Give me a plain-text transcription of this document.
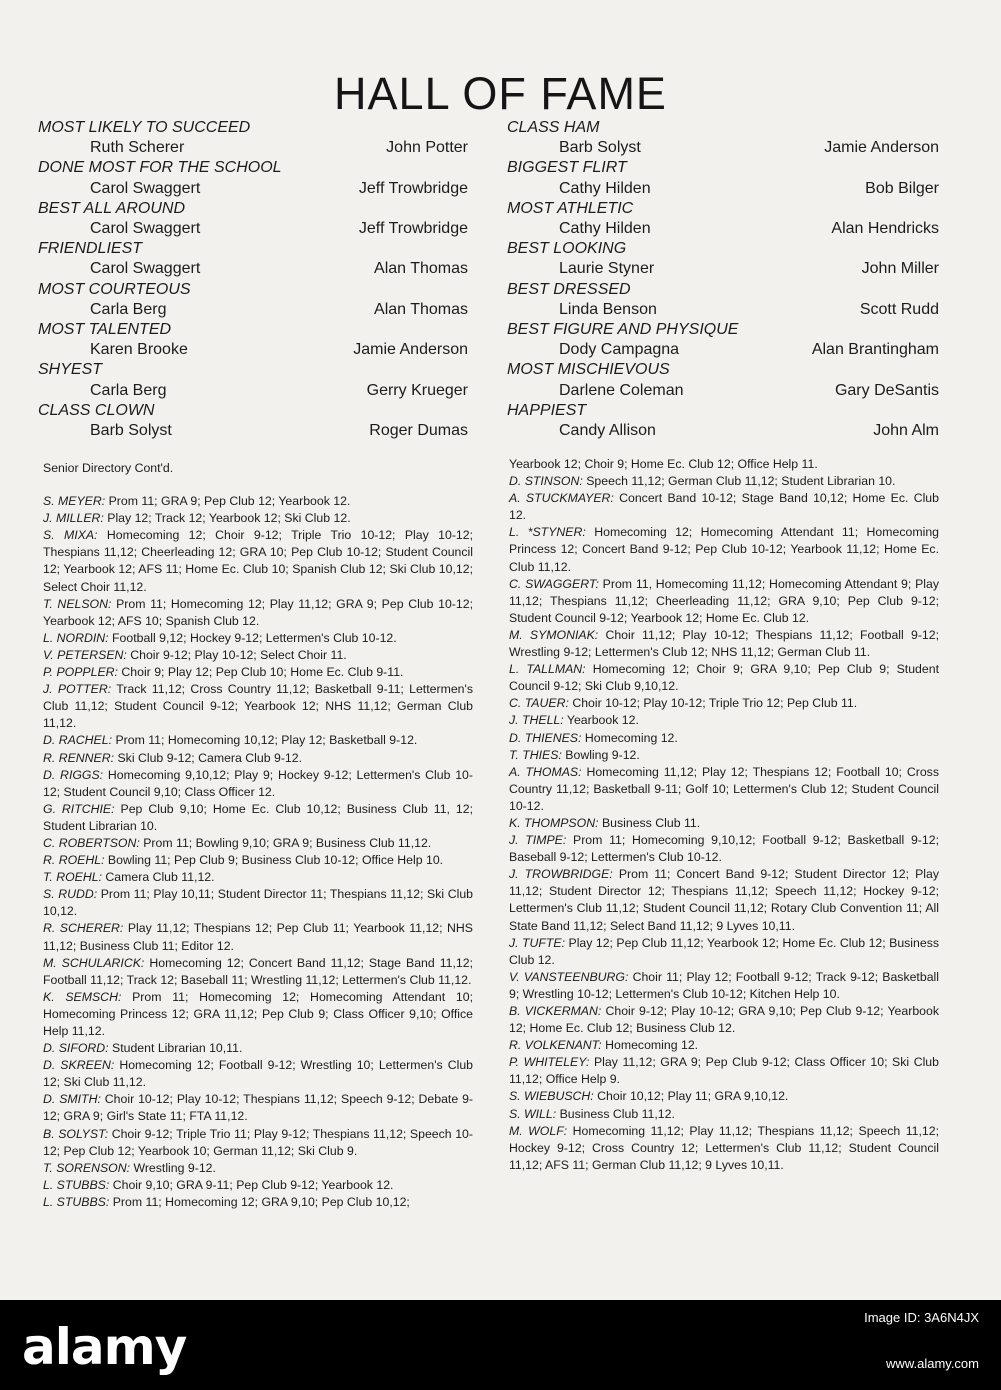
HALL OF FAME
MOST LIKELY TO SUCCEED
Ruth Scherer	John Potter
DONE MOST FOR THE SCHOOL
Carol Swaggert	Jeff Trowbridge
BEST ALL AROUND
Carol Swaggert	Jeff Trowbridge
FRIENDLIEST
Carol Swaggert	Alan Thomas
MOST COURTEOUS
Carla Berg	Alan Thomas
MOST TALENTED
Karen Brooke	Jamie Anderson
SHYEST
Carla Berg	Gerry Krueger
CLASS CLOWN
Barb Solyst	Roger Dumas
CLASS HAM
Barb Solyst	Jamie Anderson
BIGGEST FLIRT
Cathy Hilden	Bob Bilger
MOST ATHLETIC
Cathy Hilden	Alan Hendricks
BEST LOOKING
Laurie Styner	John Miller
BEST DRESSED
Linda Benson	Scott Rudd
BEST FIGURE AND PHYSIQUE
Dody Campagna	Alan Brantingham
MOST MISCHIEVOUS
Darlene Coleman	Gary DeSantis
HAPPIEST
Candy Allison	John Alm
Senior Directory Cont'd.
S. MEYER: Prom 11; GRA 9; Pep Club 12; Yearbook 12.
J. MILLER: Play 12; Track 12; Yearbook 12; Ski Club 12.
S. MIXA: Homecoming 12; Choir 9-12; Triple Trio 10-12; Play 10-12; Thespians 11,12; Cheerleading 12; GRA 10; Pep Club 10-12; Student Council 12; Yearbook 12; AFS 11; Home Ec. Club 10; Spanish Club 12; Ski Club 10,12; Select Choir 11,12.
T. NELSON: Prom 11; Homecoming 12; Play 11,12; GRA 9; Pep Club 10-12; Yearbook 12; AFS 10; Spanish Club 12.
L. NORDIN: Football 9,12; Hockey 9-12; Lettermen's Club 10-12.
V. PETERSEN: Choir 9-12; Play 10-12; Select Choir 11.
P. POPPLER: Choir 9; Play 12; Pep Club 10; Home Ec. Club 9-11.
J. POTTER: Track 11,12; Cross Country 11,12; Basketball 9-11; Lettermen's Club 11,12; Student Council 9-12; Yearbook 12; NHS 11,12; German Club 11,12.
D. RACHEL: Prom 11; Homecoming 10,12; Play 12; Basketball 9-12.
R. RENNER: Ski Club 9-12; Camera Club 9-12.
D. RIGGS: Homecoming 9,10,12; Play 9; Hockey 9-12; Lettermen's Club 10-12; Student Council 9,10; Class Officer 12.
G. RITCHIE: Pep Club 9,10; Home Ec. Club 10,12; Business Club 11, 12; Student Librarian 10.
C. ROBERTSON: Prom 11; Bowling 9,10; GRA 9; Business Club 11,12.
R. ROEHL: Bowling 11; Pep Club 9; Business Club 10-12; Office Help 10.
T. ROEHL: Camera Club 11,12.
S. RUDD: Prom 11; Play 10,11; Student Director 11; Thespians 11,12; Ski Club 10,12.
R. SCHERER: Play 11,12; Thespians 12; Pep Club 11; Yearbook 11,12; NHS 11,12; Business Club 11; Editor 12.
M. SCHULARICK: Homecoming 12; Concert Band 11,12; Stage Band 11,12; Football 11,12; Track 12; Baseball 11; Wrestling 11,12; Lettermen's Club 11,12.
K. SEMSCH: Prom 11; Homecoming 12; Homecoming Attendant 10; Homecoming Princess 12; GRA 11,12; Pep Club 9; Class Officer 9,10; Office Help 11,12.
D. SIFORD: Student Librarian 10,11.
D. SKREEN: Homecoming 12; Football 9-12; Wrestling 10; Lettermen's Club 12; Ski Club 11,12.
D. SMITH: Choir 10-12; Play 10-12; Thespians 11,12; Speech 9-12; Debate 9-12; GRA 9; Girl's State 11; FTA 11,12.
B. SOLYST: Choir 9-12; Triple Trio 11; Play 9-12; Thespians 11,12; Speech 10-12; Pep Club 12; Yearbook 10; German 11,12; Ski Club 9.
T. SORENSON: Wrestling 9-12.
L. STUBBS: Choir 9,10; GRA 9-11; Pep Club 9-12; Yearbook 12.
L. STUBBS: Prom 11; Homecoming 12; GRA 9,10; Pep Club 10,12;
Yearbook 12; Choir 9; Home Ec. Club 12; Office Help 11.
D. STINSON: Speech 11,12; German Club 11,12; Student Librarian 10.
A. STUCKMAYER: Concert Band 10-12; Stage Band 10,12; Home Ec. Club 12.
L. *STYNER: Homecoming 12; Homecoming Attendant 11; Homecoming Princess 12; Concert Band 9-12; Pep Club 10-12; Yearbook 11,12; Home Ec. Club 11,12.
C. SWAGGERT: Prom 11, Homecoming 11,12; Homecoming Attendant 9; Play 11,12; Thespians 11,12; Cheerleading 11,12; GRA 9,10; Pep Club 9-12; Student Council 9-12; Yearbook 12; Home Ec. Club 12.
M. SYMONIAK: Choir 11,12; Play 10-12; Thespians 11,12; Football 9-12; Wrestling 9-12; Lettermen's Club 12; NHS 11,12; German Club 11.
L. TALLMAN: Homecoming 12; Choir 9; GRA 9,10; Pep Club 9; Student Council 9-12; Ski Club 9,10,12.
C. TAUER: Choir 10-12; Play 10-12; Triple Trio 12; Pep Club 11.
J. THELL: Yearbook 12.
D. THIENES: Homecoming 12.
T. THIES: Bowling 9-12.
A. THOMAS: Homecoming 11,12; Play 12; Thespians 12; Football 10; Cross Country 11,12; Basketball 9-11; Golf 10; Lettermen's Club 12; Student Council 10-12.
K. THOMPSON: Business Club 11.
J. TIMPE: Prom 11; Homecoming 9,10,12; Football 9-12; Basketball 9-12; Baseball 9-12; Lettermen's Club 10-12.
J. TROWBRIDGE: Prom 11; Concert Band 9-12; Student Director 12; Play 11,12; Student Director 12; Thespians 11,12; Speech 11,12; Hockey 9-12; Lettermen's Club 11,12; Student Council 11,12; Rotary Club Convention 11; All State Band 11,12; Select Band 11,12; 9 Lyves 10,11.
J. TUFTE: Play 12; Pep Club 11,12; Yearbook 12; Home Ec. Club 12; Business Club 12.
V. VANSTEENBURG: Choir 11; Play 12; Football 9-12; Track 9-12; Basketball 9; Wrestling 10-12; Lettermen's Club 10-12; Kitchen Help 10.
B. VICKERMAN: Choir 9-12; Play 10-12; GRA 9,10; Pep Club 9-12; Yearbook 12; Home Ec. Club 12; Business Club 12.
R. VOLKENANT: Homecoming 12.
P. WHITELEY: Play 11,12; GRA 9; Pep Club 9-12; Class Officer 10; Ski Club 11,12; Office Help 9.
S. WIEBUSCH: Choir 10,12; Play 11; GRA 9,10,12.
S. WILL: Business Club 11,12.
M. WOLF: Homecoming 11,12; Play 11,12; Thespians 11,12; Speech 11,12; Hockey 9-12; Cross Country 12; Lettermen's Club 11,12; Student Council 11,12; AFS 11; German Club 11,12; 9 Lyves 10,11.
alamy
Image ID: 3A6N4JX
www.alamy.com
